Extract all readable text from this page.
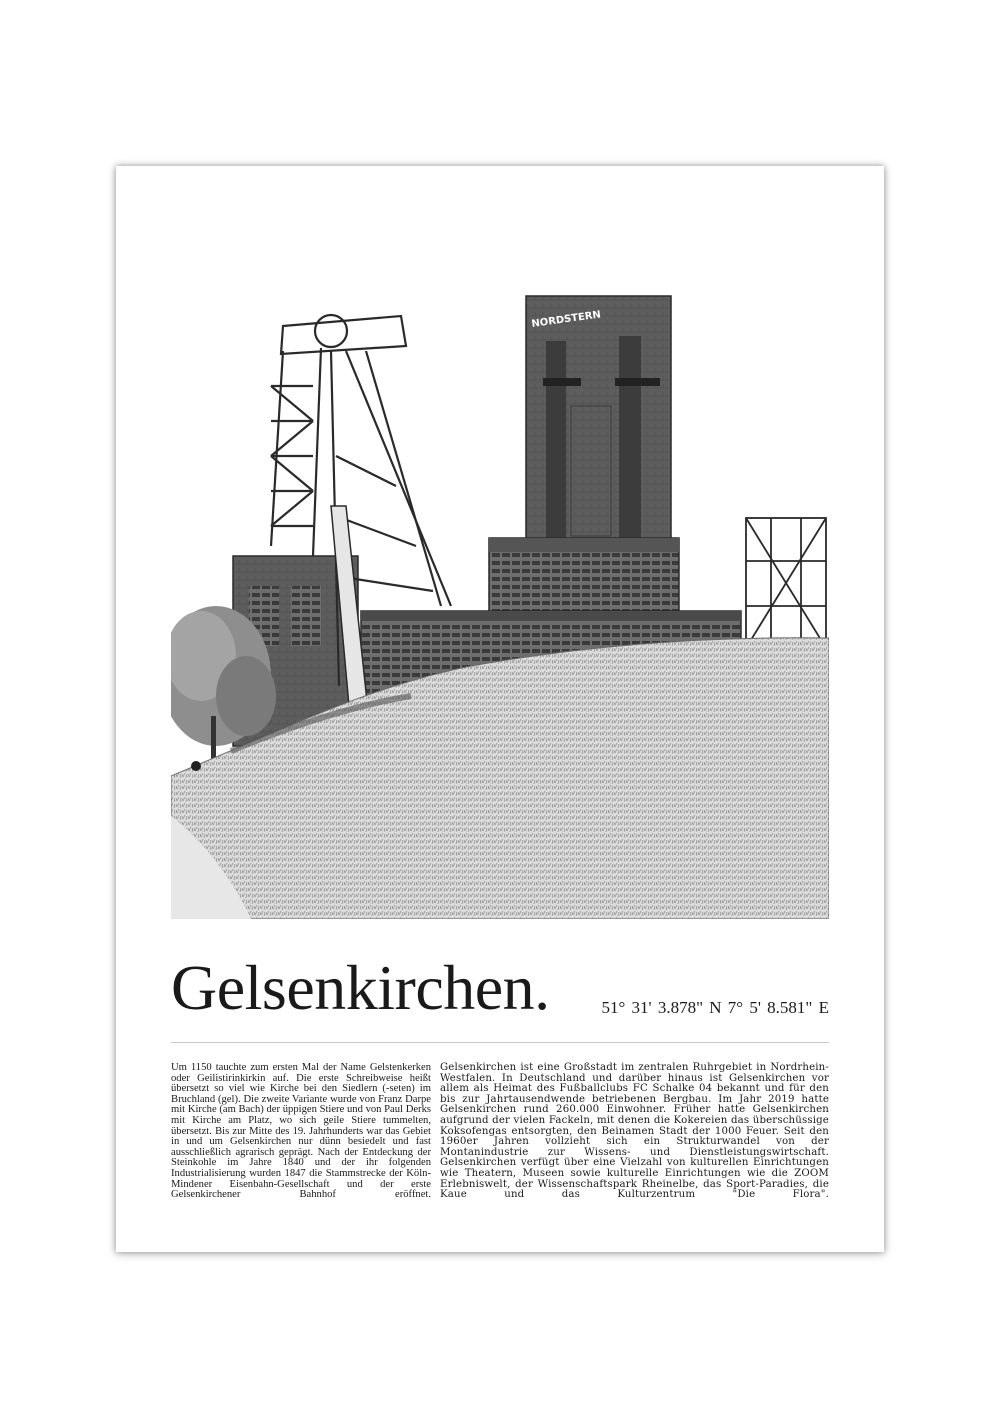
NORDSTERN
Gelsenkirchen.	51° 31' 3.878" N 7° 5' 8.581" E
Um 1150 tauchte zum ersten Mal der Name Gelstenkerken oder Geilistirinkirkin auf. Die erste Schreibweise heißt übersetzt so viel wie Kirche bei den Siedlern (-seten) im Bruchland (gel). Die zweite Variante wurde von Franz Darpe mit Kirche (am Bach) der üppigen Stiere und von Paul Derks mit Kirche am Platz, wo sich geile Stiere tummelten, übersetzt. Bis zur Mitte des 19. Jahrhunderts war das Gebiet in und um Gelsenkirchen nur dünn besiedelt und fast ausschließlich agrarisch geprägt. Nach der Entdeckung der Steinkohle im Jahre 1840 und der ihr folgenden Industrialisierung wurden 1847 die Stammstrecke der Köln-Mindener Eisenbahn-Gesellschaft und der erste Gelsenkirchener Bahnhof eröffnet.
Gelsenkirchen ist eine Großstadt im zentralen Ruhrgebiet in Nordrhein-Westfalen. In Deutschland und darüber hinaus ist Gelsenkirchen vor allem als Heimat des Fußballclubs FC Schalke 04 bekannt und für den bis zur Jahrtausendwende betriebenen Bergbau. Im Jahr 2019 hatte Gelsenkirchen rund 260.000 Einwohner. Früher hatte Gelsenkirchen aufgrund der vielen Fackeln, mit denen die Kokereien das überschüssige Koksofengas entsorgten, den Beinamen Stadt der 1000 Feuer. Seit den 1960er Jahren vollzieht sich ein Strukturwandel von der Montanindustrie zur Wissens- und Dienstleistungswirtschaft. Gelsenkirchen verfügt über eine Vielzahl von kulturellen Einrichtungen wie Theatern, Museen sowie kulturelle Einrichtungen wie die ZOOM Erlebniswelt, der Wissenschaftspark Rheinelbe, das Sport-Paradies, die Kaue und das Kulturzentrum "Die Flora".
